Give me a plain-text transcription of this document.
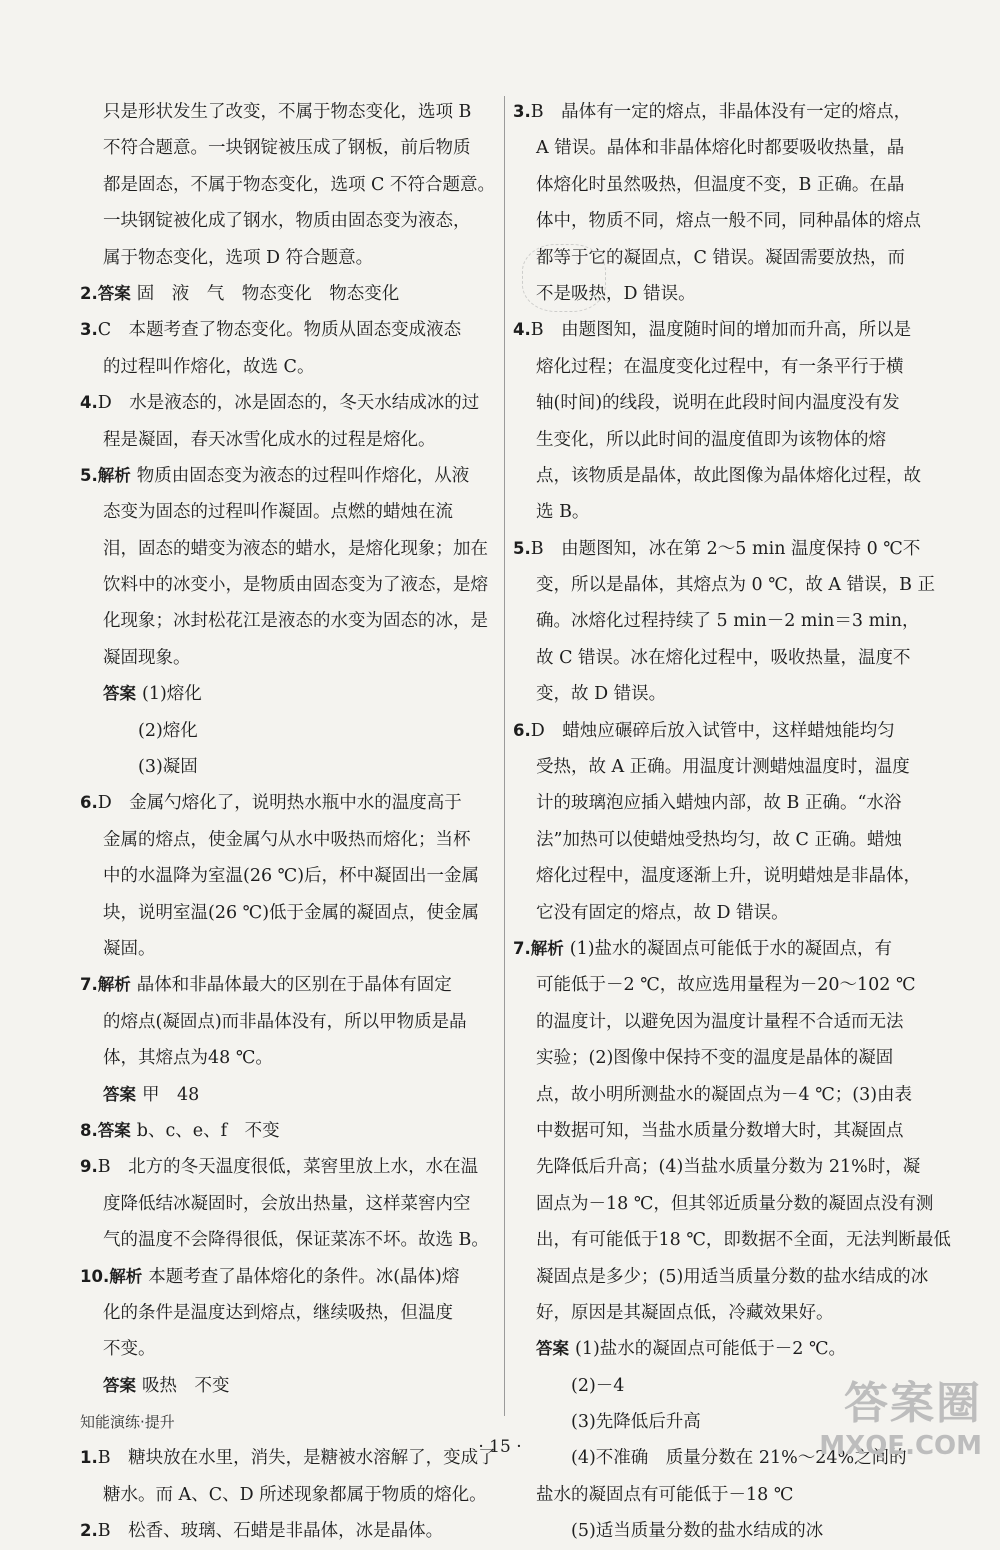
只是形状发生了改变，不属于物态变化，选项 B
不符合题意。一块钢锭被压成了钢板，前后物质
都是固态，不属于物态变化，选项 C 不符合题意。
一块钢锭被化成了钢水，物质由固态变为液态，
属于物态变化，选项 D 符合题意。
2.答案 固　液　气　物态变化　物态变化
3.C　本题考查了物态变化。物质从固态变成液态
的过程叫作熔化，故选 C。
4.D　水是液态的，冰是固态的，冬天水结成冰的过
程是凝固，春天冰雪化成水的过程是熔化。
5.解析 物质由固态变为液态的过程叫作熔化，从液
态变为固态的过程叫作凝固。点燃的蜡烛在流
泪，固态的蜡变为液态的蜡水，是熔化现象；加在
饮料中的冰变小，是物质由固态变为了液态，是熔
化现象；冰封松花江是液态的水变为固态的冰，是
凝固现象。
答案 (1)熔化
(2)熔化
(3)凝固
6.D　金属勺熔化了，说明热水瓶中水的温度高于
金属的熔点，使金属勺从水中吸热而熔化；当杯
中的水温降为室温(26 ℃)后，杯中凝固出一金属
块，说明室温(26 ℃)低于金属的凝固点，使金属
凝固。
7.解析 晶体和非晶体最大的区别在于晶体有固定
的熔点(凝固点)而非晶体没有，所以甲物质是晶
体，其熔点为48 ℃。
答案 甲　48
8.答案 b、c、e、f　不变
9.B　北方的冬天温度很低，菜窖里放上水，水在温
度降低结冰凝固时，会放出热量，这样菜窖内空
气的温度不会降得很低，保证菜冻不坏。故选 B。
10.解析 本题考查了晶体熔化的条件。冰(晶体)熔
化的条件是温度达到熔点，继续吸热，但温度
不变。
答案 吸热　不变
知能演练·提升
1.B　糖块放在水里，消失，是糖被水溶解了，变成了
糖水。而 A、C、D 所述现象都属于物质的熔化。
2.B　松香、玻璃、石蜡是非晶体，冰是晶体。
3.B　晶体有一定的熔点，非晶体没有一定的熔点，
A 错误。晶体和非晶体熔化时都要吸收热量，晶
体熔化时虽然吸热，但温度不变，B 正确。在晶
体中，物质不同，熔点一般不同，同种晶体的熔点
都等于它的凝固点，C 错误。凝固需要放热，而
不是吸热，D 错误。
4.B　由题图知，温度随时间的增加而升高，所以是
熔化过程；在温度变化过程中，有一条平行于横
轴(时间)的线段，说明在此段时间内温度没有发
生变化，所以此时间的温度值即为该物体的熔
点，该物质是晶体，故此图像为晶体熔化过程，故
选 B。
5.B　由题图知，冰在第 2～5 min 温度保持 0 ℃不
变，所以是晶体，其熔点为 0 ℃，故 A 错误，B 正
确。冰熔化过程持续了 5 min－2 min＝3 min，
故 C 错误。冰在熔化过程中，吸收热量，温度不
变，故 D 错误。
6.D　蜡烛应碾碎后放入试管中，这样蜡烛能均匀
受热，故 A 正确。用温度计测蜡烛温度时，温度
计的玻璃泡应插入蜡烛内部，故 B 正确。“水浴
法”加热可以使蜡烛受热均匀，故 C 正确。蜡烛
熔化过程中，温度逐渐上升，说明蜡烛是非晶体，
它没有固定的熔点，故 D 错误。
7.解析 (1)盐水的凝固点可能低于水的凝固点，有
可能低于－2 ℃，故应选用量程为－20～102 ℃
的温度计，以避免因为温度计量程不合适而无法
实验；(2)图像中保持不变的温度是晶体的凝固
点，故小明所测盐水的凝固点为－4 ℃；(3)由表
中数据可知，当盐水质量分数增大时，其凝固点
先降低后升高；(4)当盐水质量分数为 21%时，凝
固点为－18 ℃，但其邻近质量分数的凝固点没有测
出，有可能低于18 ℃，即数据不全面，无法判断最低
凝固点是多少；(5)用适当质量分数的盐水结成的冰
好，原因是其凝固点低，冷藏效果好。
答案 (1)盐水的凝固点可能低于－2 ℃。
(2)－4
(3)先降低后升高
(4)不准确　质量分数在 21%～24%之间的
盐水的凝固点有可能低于－18 ℃
(5)适当质量分数的盐水结成的冰
· 15 ·
答案圈
MXQE.COM
